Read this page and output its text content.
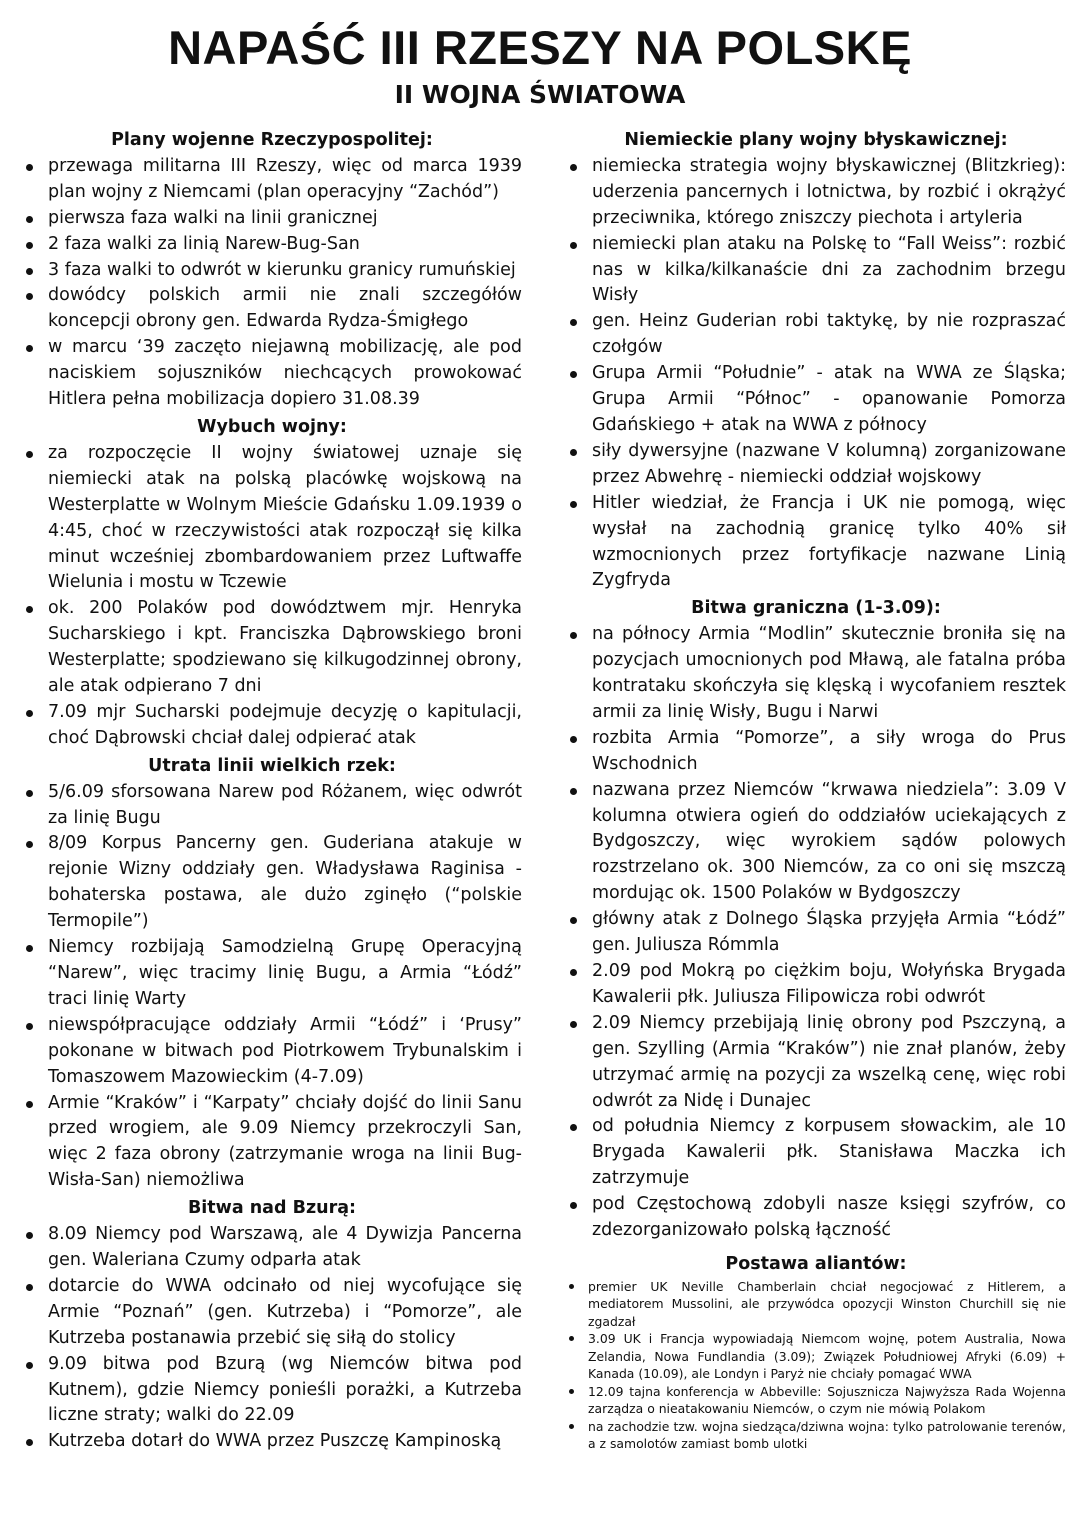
NAPAŚĆ III RZESZY NA POLSKĘ
II WOJNA ŚWIATOWA
Plany wojenne Rzeczypospolitej:
przewaga militarna III Rzeszy, więc od marca 1939 plan wojny z Niemcami (plan operacyjny “Zachód”)
pierwsza faza walki na linii granicznej
2 faza walki za linią Narew-Bug-San
3 faza walki to odwrót w kierunku granicy rumuńskiej
dowódcy polskich armii nie znali szczegółów koncepcji obrony gen. Edwarda Rydza-Śmigłego
w marcu ‘39 zaczęto niejawną mobilizację, ale pod naciskiem sojuszników niechcących prowokować Hitlera pełna mobilizacja dopiero 31.08.39
Wybuch wojny:
za rozpoczęcie II wojny światowej uznaje się niemiecki atak na polską placówkę wojskową na Westerplatte w Wolnym Mieście Gdańsku 1.09.1939 o 4:45, choć w rzeczywistości atak rozpoczął się kilka minut wcześniej zbombardowaniem przez Luftwaffe Wielunia i mostu w Tczewie
ok. 200 Polaków pod dowództwem mjr. Henryka Sucharskiego i kpt. Franciszka Dąbrowskiego broni Westerplatte; spodziewano się kilkugodzinnej obrony, ale atak odpierano 7 dni
7.09 mjr Sucharski podejmuje decyzję o kapitulacji, choć Dąbrowski chciał dalej odpierać atak
Utrata linii wielkich rzek:
5/6.09 sforsowana Narew pod Różanem, więc odwrót za linię Bugu
8/09 Korpus Pancerny gen. Guderiana atakuje w rejonie Wizny oddziały gen. Władysława Raginisa - bohaterska postawa, ale dużo zginęło (“polskie Termopile”)
Niemcy rozbijają Samodzielną Grupę Operacyjną “Narew”, więc tracimy linię Bugu, a Armia “Łódź” traci linię Warty
niewspółpracujące oddziały Armii “Łódź” i ‘Prusy” pokonane w bitwach pod Piotrkowem Trybunalskim i Tomaszowem Mazowieckim (4-7.09)
Armie “Kraków” i “Karpaty” chciały dojść do linii Sanu przed wrogiem, ale 9.09 Niemcy przekroczyli San, więc 2 faza obrony (zatrzymanie wroga na linii Bug-Wisła-San) niemożliwa
Bitwa nad Bzurą:
8.09 Niemcy pod Warszawą, ale 4 Dywizja Pancerna gen. Waleriana Czumy odparła atak
dotarcie do WWA odcinało od niej wycofujące się Armie “Poznań” (gen. Kutrzeba) i “Pomorze”, ale Kutrzeba postanawia przebić się siłą do stolicy
9.09 bitwa pod Bzurą (wg Niemców bitwa pod Kutnem), gdzie Niemcy ponieśli porażki, a Kutrzeba liczne straty; walki do 22.09
Kutrzeba dotarł do WWA przez Puszczę Kampinoską
Niemieckie plany wojny błyskawicznej:
niemiecka strategia wojny błyskawicznej (Blitzkrieg): uderzenia pancernych i lotnictwa, by rozbić i okrążyć przeciwnika, którego zniszczy piechota i artyleria
niemiecki plan ataku na Polskę to “Fall Weiss”: rozbić nas w kilka/kilkanaście dni za zachodnim brzegu Wisły
gen. Heinz Guderian robi taktykę, by nie rozpraszać czołgów
Grupa Armii “Południe” - atak na WWA ze Śląska; Grupa Armii “Północ” - opanowanie Pomorza Gdańskiego + atak na WWA z północy
siły dywersyjne (nazwane V kolumną) zorganizowane przez Abwehrę - niemiecki oddział wojskowy
Hitler wiedział, że Francja i UK nie pomogą, więc wysłał na zachodnią granicę tylko 40% sił wzmocnionych przez fortyfikacje nazwane Linią Zygfryda
Bitwa graniczna (1-3.09):
na północy Armia “Modlin” skutecznie broniła się na pozycjach umocnionych pod Mławą, ale fatalna próba kontrataku skończyła się klęską i wycofaniem resztek armii za linię Wisły, Bugu i Narwi
rozbita Armia “Pomorze”, a siły wroga do Prus Wschodnich
nazwana przez Niemców “krwawa niedziela”: 3.09 V kolumna otwiera ogień do oddziałów uciekających z Bydgoszczy, więc wyrokiem sądów polowych rozstrzelano ok. 300 Niemców, za co oni się mszczą mordując ok. 1500 Polaków w Bydgoszczy
główny atak z Dolnego Śląska przyjęła Armia “Łódź” gen. Juliusza Rómmla
2.09 pod Mokrą po ciężkim boju, Wołyńska Brygada Kawalerii płk. Juliusza Filipowicza robi odwrót
2.09 Niemcy przebijają linię obrony pod Pszczyną, a gen. Szylling (Armia “Kraków”) nie znał planów, żeby utrzymać armię na pozycji za wszelką cenę, więc robi odwrót za Nidę i Dunajec
od południa Niemcy z korpusem słowackim, ale 10 Brygada Kawalerii płk. Stanisława Maczka ich zatrzymuje
pod Częstochową zdobyli nasze księgi szyfrów, co zdezorganizowało polską łączność
Postawa aliantów:
premier UK Neville Chamberlain chciał negocjować z Hitlerem, a mediatorem Mussolini, ale przywódca opozycji Winston Churchill się nie zgadzał
3.09 UK i Francja wypowiadają Niemcom wojnę, potem Australia, Nowa Zelandia, Nowa Fundlandia (3.09); Związek Południowej Afryki (6.09) + Kanada (10.09), ale Londyn i Paryż nie chciały pomagać WWA
12.09 tajna konferencja w Abbeville: Sojusznicza Najwyższa Rada Wojenna zarządza o nieatakowaniu Niemców, o czym nie mówią Polakom
na zachodzie tzw. wojna siedząca/dziwna wojna: tylko patrolowanie terenów, a z samolotów zamiast bomb ulotki
